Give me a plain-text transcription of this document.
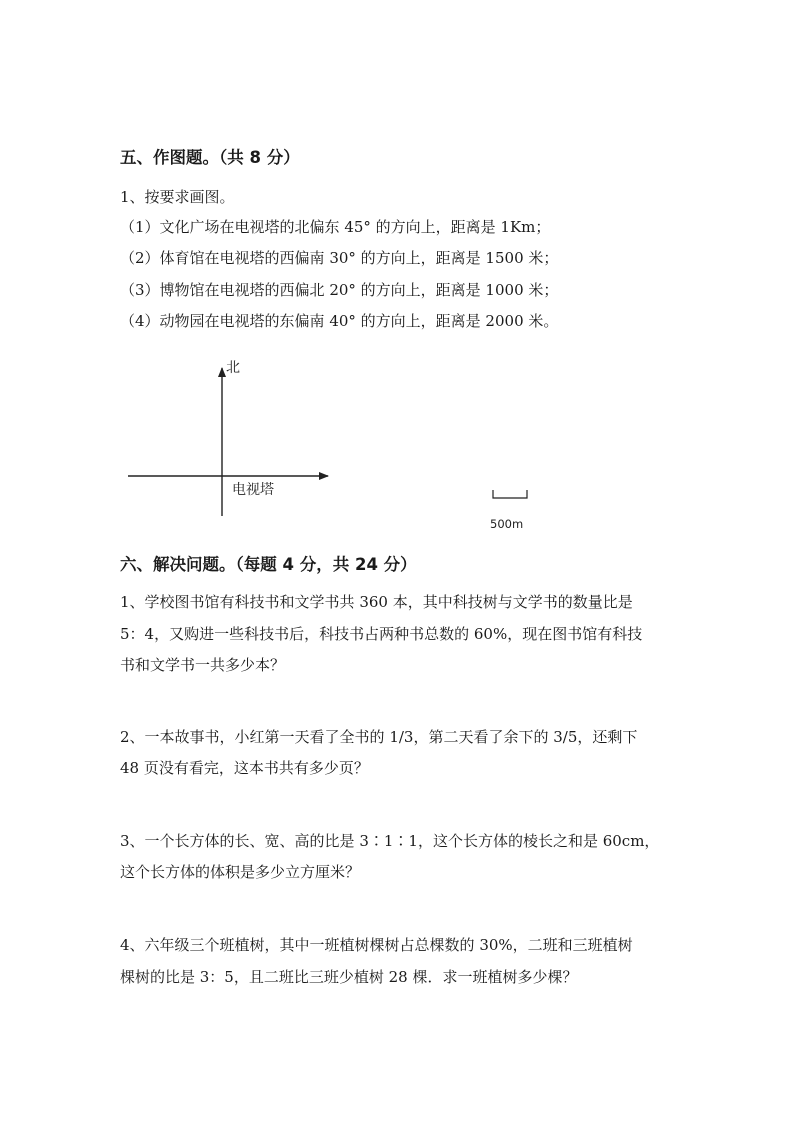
五、作图题。（共 8 分）
1、按要求画图。
（1）文化广场在电视塔的北偏东 45° 的方向上，距离是 1Km；
（2）体育馆在电视塔的西偏南 30° 的方向上，距离是 1500 米；
（3）博物馆在电视塔的西偏北 20° 的方向上，距离是 1000 米；
（4）动物园在电视塔的东偏南 40° 的方向上，距离是 2000 米。
北
电视塔
500m
六、解决问题。（每题 4 分，共 24 分）
1、学校图书馆有科技书和文学书共 360 本，其中科技树与文学书的数量比是
5：4，又购进一些科技书后，科技书占两种书总数的 60%，现在图书馆有科技
书和文学书一共多少本？
2、一本故事书，小红第一天看了全书的 1/3，第二天看了余下的 3/5，还剩下
48 页没有看完，这本书共有多少页？
3、一个长方体的长、宽、高的比是 3∶1∶1，这个长方体的棱长之和是 60cm，
这个长方体的体积是多少立方厘米？
4、六年级三个班植树，其中一班植树棵树占总棵数的 30%，二班和三班植树
棵树的比是 3：5，且二班比三班少植树 28 棵．求一班植树多少棵？
